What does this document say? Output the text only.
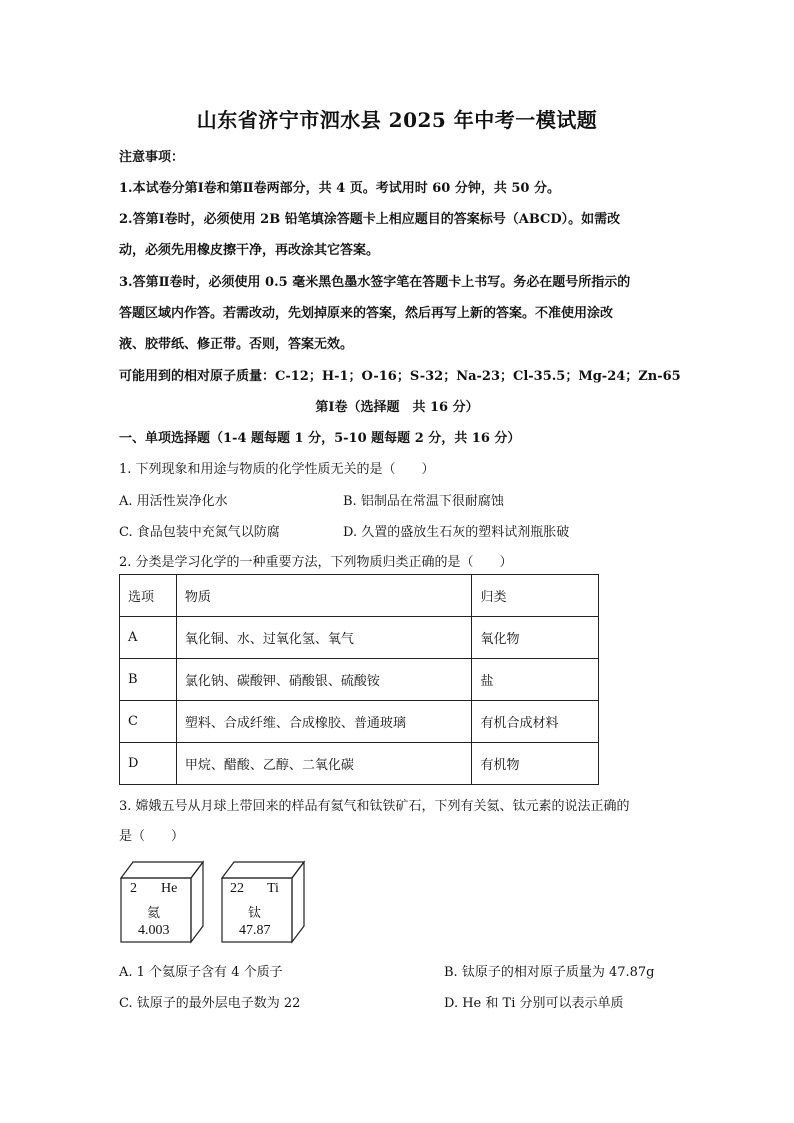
山东省济宁市泗水县 2025 年中考一模试题
注意事项：
1.本试卷分第Ⅰ卷和第Ⅱ卷两部分，共 4 页。考试用时 60 分钟，共 50 分。
2.答第Ⅰ卷时，必须使用 2B 铅笔填涂答题卡上相应题目的答案标号（ABCD）。如需改
动，必须先用橡皮擦干净，再改涂其它答案。
3.答第Ⅱ卷时，必须使用 0.5 毫米黑色墨水签字笔在答题卡上书写。务必在题号所指示的
答题区域内作答。若需改动，先划掉原来的答案，然后再写上新的答案。不准使用涂改
液、胶带纸、修正带。否则，答案无效。
可能用到的相对原子质量：C-12；H-1；O-16；S-32；Na-23；Cl-35.5；Mg-24；Zn-65
第Ⅰ卷（选择题　共 16 分）
一、单项选择题（1-4 题每题 1 分，5-10 题每题 2 分，共 16 分）
1. 下列现象和用途与物质的化学性质无关的是（　　）
A. 用活性炭净化水	B. 铝制品在常温下很耐腐蚀
C. 食品包装中充氮气以防腐	D. 久置的盛放生石灰的塑料试剂瓶胀破
2. 分类是学习化学的一种重要方法，下列物质归类正确的是（　　）
选项	物质	归类
A	氧化铜、水、过氧化氢、氧气	氧化物
B	氯化钠、碳酸钾、硝酸银、硫酸铵	盐
C	塑料、合成纤维、合成橡胶、普通玻璃	有机合成材料
D	甲烷、醋酸、乙醇、二氧化碳	有机物
3. 嫦娥五号从月球上带回来的样品有氦气和钛铁矿石，下列有关氦、钛元素的说法正确的
是（　　）
2 He
氦
4.003
22 Ti
钛
47.87
A. 1 个氦原子含有 4 个质子	B. 钛原子的相对原子质量为 47.87g
C. 钛原子的最外层电子数为 22	D. He 和 Ti 分别可以表示单质
